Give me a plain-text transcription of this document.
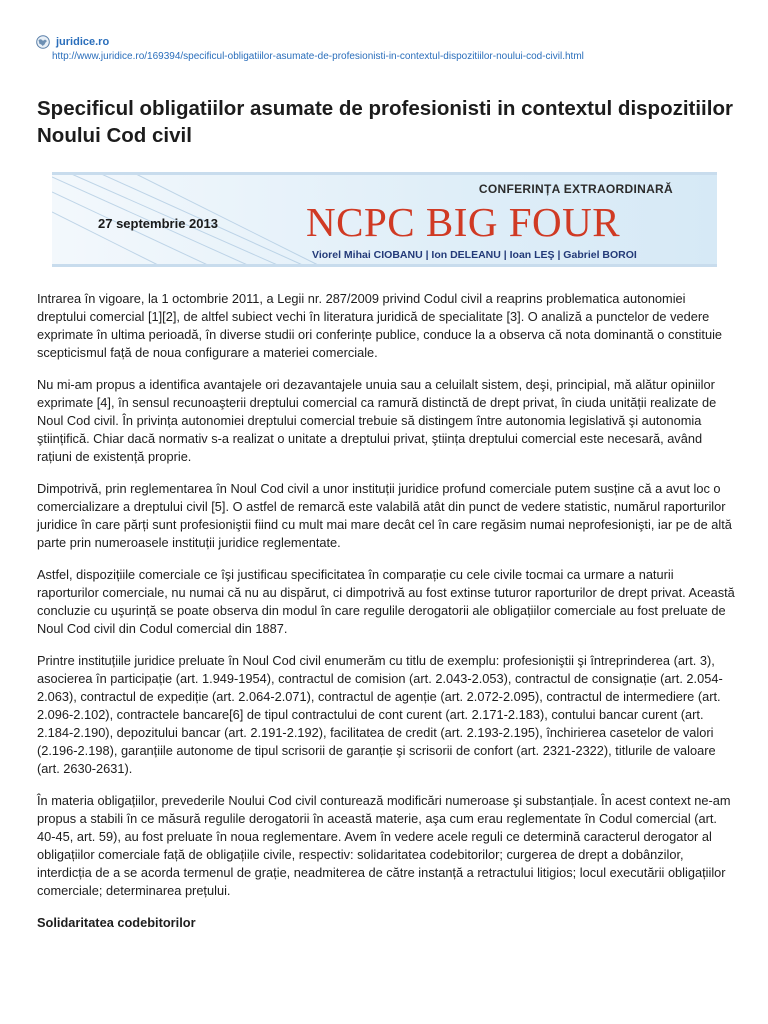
juridice.ro
http://www.juridice.ro/169394/specificul-obligatiilor-asumate-de-profesionisti-in-contextul-dispozitiilor-noului-cod-civil.html
Specificul obligatiilor asumate de profesionisti in contextul dispozitiilor Noului Cod civil
CONFERINȚA EXTRAORDINARĂ
27 septembrie 2013 NCPC BIG FOUR
Viorel Mihai CIOBANU | Ion DELEANU | Ioan LEŞ | Gabriel BOROI

Intrarea în vigoare, la 1 octombrie 2011, a Legii nr. 287/2009 privind Codul civil a reaprins problematica autonomiei dreptului comercial [1][2], de altfel subiect vechi în literatura juridică de specialitate [3]. O analiză a punctelor de vedere exprimate în ultima perioadă, în diverse studii ori conferințe publice, conduce la a observa că nota dominantă o constituie scepticismul față de noua configurare a materiei comerciale.

Nu mi-am propus a identifica avantajele ori dezavantajele unuia sau a celuilalt sistem, deşi, principial, mă alătur opiniilor exprimate [4], în sensul recunoaşterii dreptului comercial ca ramură distinctă de drept privat, în ciuda unității realizate de Noul Cod civil. În privința autonomiei dreptului comercial trebuie să distingem între autonomia legislativă şi autonomia ştiințifică. Chiar dacă normativ s-a realizat o unitate a dreptului privat, ştiința dreptului comercial este necesară, având rațiuni de existență proprie.

Dimpotrivă, prin reglementarea în Noul Cod civil a unor instituții juridice profund comerciale putem susține că a avut loc o comercializare a dreptului civil [5]. O astfel de remarcă este valabilă atât din punct de vedere statistic, numărul raporturilor juridice în care părți sunt profesioniştii fiind cu mult mai mare decât cel în care regăsim numai neprofesionişti, iar pe de altă parte prin numeroasele instituții juridice reglementate.

Astfel, dispozițiile comerciale ce îşi justificau specificitatea în comparație cu cele civile tocmai ca urmare a naturii raporturilor comerciale, nu numai că nu au dispărut, ci dimpotrivă au fost extinse tuturor raporturilor de drept privat. Această concluzie cu uşurință se poate observa din modul în care regulile derogatorii ale obligațiilor comerciale au fost preluate de Noul Cod civil din Codul comercial din 1887.

Printre instituțiile juridice preluate în Noul Cod civil enumerăm cu titlu de exemplu: profesioniştii şi întreprinderea (art. 3), asocierea în participație (art. 1.949-1954), contractul de comision (art. 2.043-2.053), contractul de consignație (art. 2.054-2.063), contractul de expediție (art. 2.064-2.071), contractul de agenție (art. 2.072-2.095), contractul de intermediere (art. 2.096-2.102), contractele bancare[6] de tipul contractului de cont curent (art. 2.171-2.183), contului bancar curent (art. 2.184-2.190), depozitului bancar (art. 2.191-2.192), facilitatea de credit (art. 2.193-2.195), închirierea casetelor de valori (2.196-2.198), garanțiile autonome de tipul scrisorii de garanție şi scrisorii de confort (art. 2321-2322), titlurile de valoare (art. 2630-2631).

În materia obligațiilor, prevederile Noului Cod civil conturează modificări numeroase şi substanțiale. În acest context ne-am propus a stabili în ce măsură regulile derogatorii în această materie, aşa cum erau reglementate în Codul comercial (art. 40-45, art. 59), au fost preluate în noua reglementare. Avem în vedere acele reguli ce determină caracterul derogator al obligațiilor comerciale față de obligațiile civile, respectiv: solidaritatea codebitorilor; curgerea de drept a dobânzilor, interdicția de a se acorda termenul de grație, neadmiterea de către instanță a retractului litigios; locul executării obligațiilor comerciale; determinarea prețului.

Solidaritatea codebitorilor
